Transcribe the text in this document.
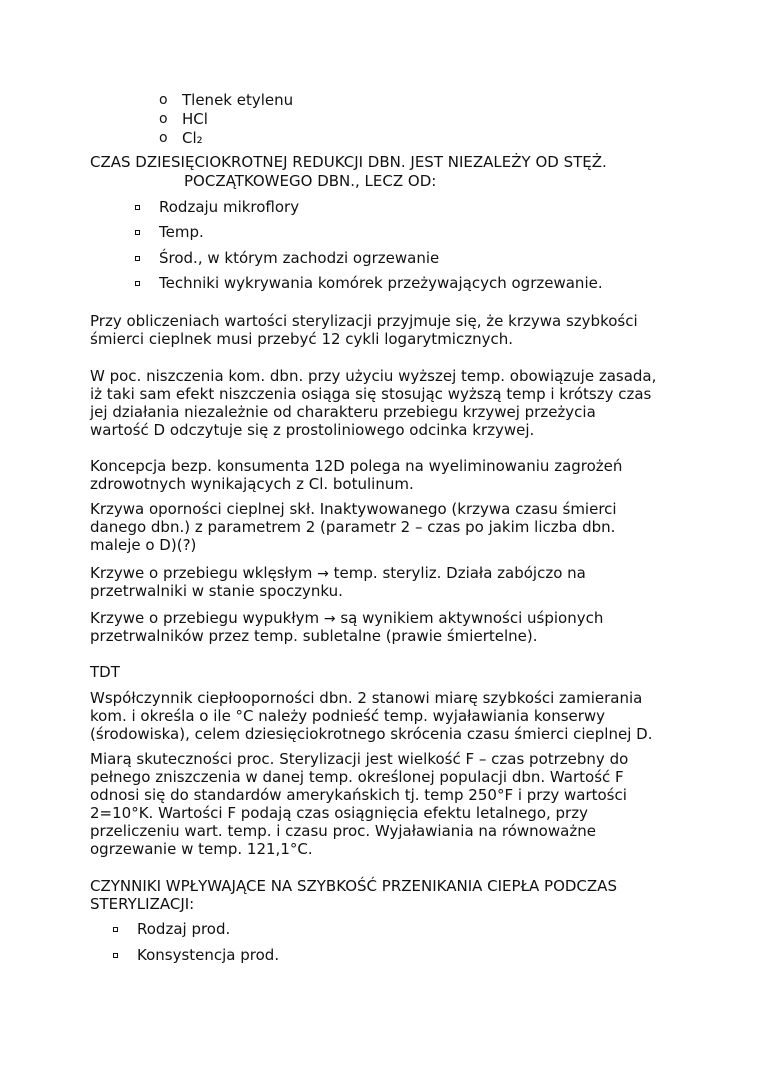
o Tlenek etylenu
o HCl
o Cl₂
CZAS DZIESIĘCIOKROTNEJ REDUKCJI DBN. JEST NIEZALEŻY OD STĘŻ.
POCZĄTKOWEGO DBN., LECZ OD:
Rodzaju mikroflory
Temp.
Środ., w którym zachodzi ogrzewanie
Techniki wykrywania komórek przeżywających ogrzewanie.
Przy obliczeniach wartości sterylizacji przyjmuje się, że krzywa szybkości
śmierci cieplnek musi przebyć 12 cykli logarytmicznych.
W poc. niszczenia kom. dbn. przy użyciu wyższej temp. obowiązuje zasada,
iż taki sam efekt niszczenia osiąga się stosując wyższą temp i krótszy czas
jej działania niezależnie od charakteru przebiegu krzywej przeżycia
wartość D odczytuje się z prostoliniowego odcinka krzywej.
Koncepcja bezp. konsumenta 12D polega na wyeliminowaniu zagrożeń
zdrowotnych wynikających z Cl. botulinum.
Krzywa oporności cieplnej skł. Inaktywowanego (krzywa czasu śmierci
danego dbn.) z parametrem 2 (parametr 2 – czas po jakim liczba dbn.
maleje o D)(?)
Krzywe o przebiegu wklęsłym → temp. steryliz. Działa zabójczo na
przetrwalniki w stanie spoczynku.
Krzywe o przebiegu wypukłym → są wynikiem aktywności uśpionych
przetrwalników przez temp. subletalne (prawie śmiertelne).
TDT
Współczynnik ciepłooporności dbn. 2 stanowi miarę szybkości zamierania
kom. i określa o ile °C należy podnieść temp. wyjaławiania konserwy
(środowiska), celem dziesięciokrotnego skrócenia czasu śmierci cieplnej D.
Miarą skuteczności proc. Sterylizacji jest wielkość F – czas potrzebny do
pełnego zniszczenia w danej temp. określonej populacji dbn. Wartość F
odnosi się do standardów amerykańskich tj. temp 250°F i przy wartości
2=10°K. Wartości F podają czas osiągnięcia efektu letalnego, przy
przeliczeniu wart. temp. i czasu proc. Wyjaławiania na równoważne
ogrzewanie w temp. 121,1°C.
CZYNNIKI WPŁYWAJĄCE NA SZYBKOŚĆ PRZENIKANIA CIEPŁA PODCZAS
STERYLIZACJI:
Rodzaj prod.
Konsystencja prod.
